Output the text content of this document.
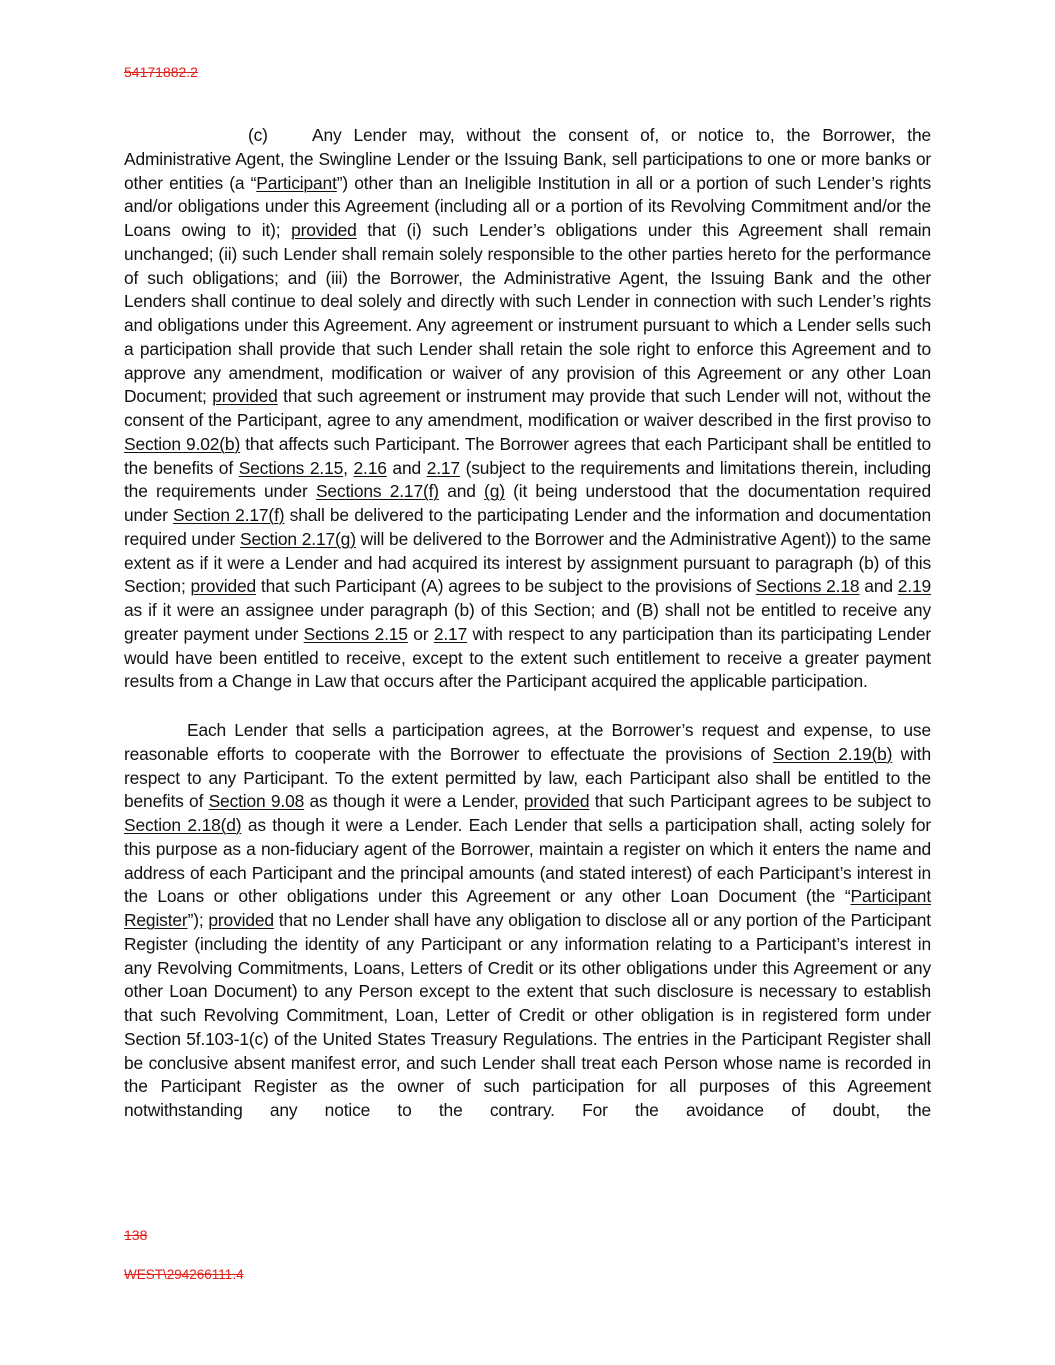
54171882.2

(c)	Any Lender may, without the consent of, or notice to, the Borrower, the Administrative Agent, the Swingline Lender or the Issuing Bank, sell participations to one or more banks or other entities (a “Participant”) other than an Ineligible Institution in all or a portion of such Lender’s rights and/or obligations under this Agreement (including all or a portion of its Revolving Commitment and/or the Loans owing to it); provided that (i) such Lender’s obligations under this Agreement shall remain unchanged; (ii) such Lender shall remain solely responsible to the other parties hereto for the performance of such obligations; and (iii) the Borrower, the Administrative Agent, the Issuing Bank and the other Lenders shall continue to deal solely and directly with such Lender in connection with such Lender’s rights and obligations under this Agreement. Any agreement or instrument pursuant to which a Lender sells such a participation shall provide that such Lender shall retain the sole right to enforce this Agreement and to approve any amendment, modification or waiver of any provision of this Agreement or any other Loan Document; provided that such agreement or instrument may provide that such Lender will not, without the consent of the Participant, agree to any amendment, modification or waiver described in the first proviso to Section 9.02(b) that affects such Participant. The Borrower agrees that each Participant shall be entitled to the benefits of Sections 2.15, 2.16 and 2.17 (subject to the requirements and limitations therein, including the requirements under Sections 2.17(f) and (g) (it being understood that the documentation required under Section 2.17(f) shall be delivered to the participating Lender and the information and documentation required under Section 2.17(g) will be delivered to the Borrower and the Administrative Agent)) to the same extent as if it were a Lender and had acquired its interest by assignment pursuant to paragraph (b) of this Section; provided that such Participant (A) agrees to be subject to the provisions of Sections 2.18 and 2.19 as if it were an assignee under paragraph (b) of this Section; and (B) shall not be entitled to receive any greater payment under Sections 2.15 or 2.17 with respect to any participation than its participating Lender would have been entitled to receive, except to the extent such entitlement to receive a greater payment results from a Change in Law that occurs after the Participant acquired the applicable participation.

Each Lender that sells a participation agrees, at the Borrower’s request and expense, to use reasonable efforts to cooperate with the Borrower to effectuate the provisions of Section 2.19(b) with respect to any Participant. To the extent permitted by law, each Participant also shall be entitled to the benefits of Section 9.08 as though it were a Lender, provided that such Participant agrees to be subject to Section 2.18(d) as though it were a Lender. Each Lender that sells a participation shall, acting solely for this purpose as a non-fiduciary agent of the Borrower, maintain a register on which it enters the name and address of each Participant and the principal amounts (and stated interest) of each Participant’s interest in the Loans or other obligations under this Agreement or any other Loan Document (the “Participant Register”); provided that no Lender shall have any obligation to disclose all or any portion of the Participant Register (including the identity of any Participant or any information relating to a Participant’s interest in any Revolving Commitments, Loans, Letters of Credit or its other obligations under this Agreement or any other Loan Document) to any Person except to the extent that such disclosure is necessary to establish that such Revolving Commitment, Loan, Letter of Credit or other obligation is in registered form under Section 5f.103-1(c) of the United States Treasury Regulations. The entries in the Participant Register shall be conclusive absent manifest error, and such Lender shall treat each Person whose name is recorded in the Participant Register as the owner of such participation for all purposes of this Agreement notwithstanding any notice to the contrary. For the avoidance of doubt, the

138
WEST\294266111.4
